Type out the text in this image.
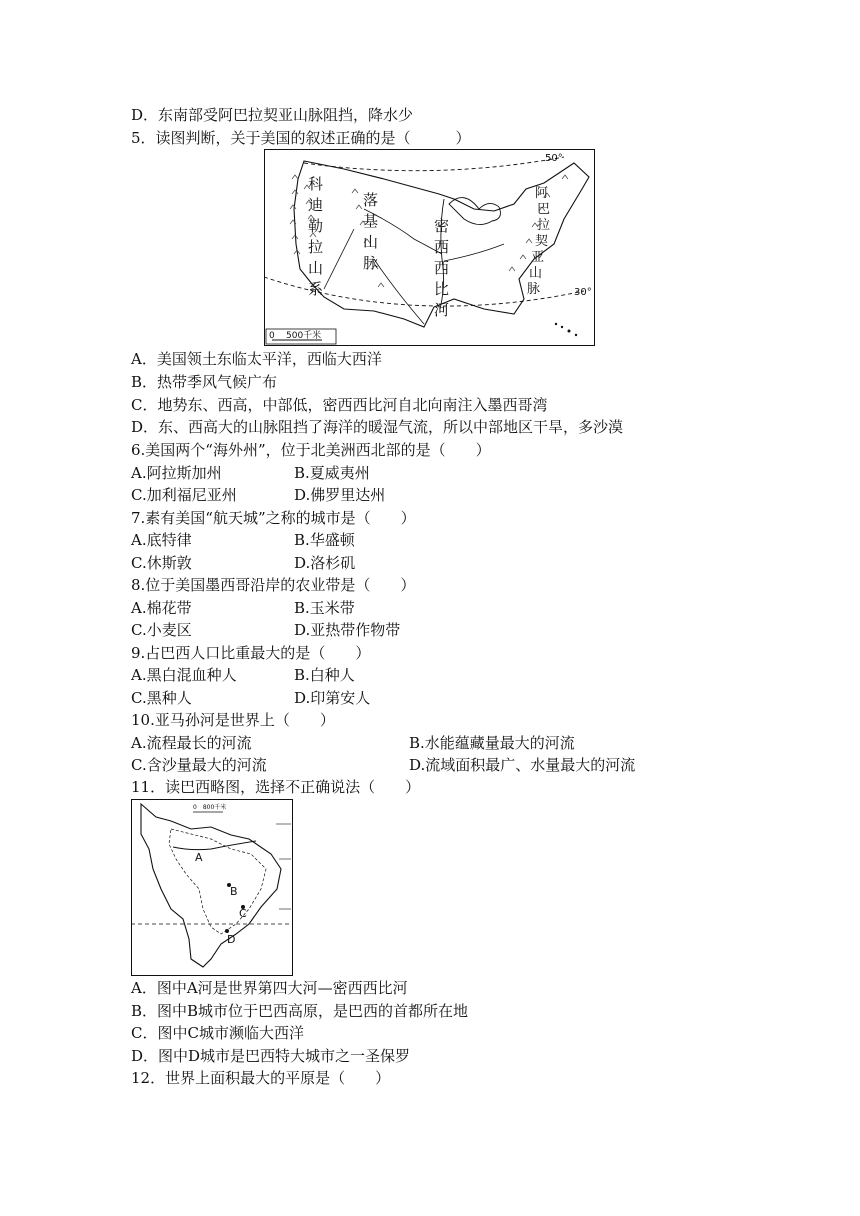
D．东南部受阿巴拉契亚山脉阻挡，降水少
5．读图判断，关于美国的叙述正确的是（　　　）
科
迪
勒
拉
山
系
落
基
山
脉
密
西
西
比
河
阿
巴
拉
契
亚
山
脉
50°
30°
0 500千米
A．美国领土东临太平洋，西临大西洋
B．热带季风气候广布
C．地势东、西高，中部低，密西西比河自北向南注入墨西哥湾
D．东、西高大的山脉阻挡了海洋的暖湿气流，所以中部地区干旱，多沙漠
6.美国两个“海外州”，位于北美洲西北部的是（　　）
A.阿拉斯加州	B.夏威夷州
C.加利福尼亚州	D.佛罗里达州
7.素有美国“航天城”之称的城市是（　　）
A.底特律	B.华盛顿
C.休斯敦	D.洛杉矶
8.位于美国墨西哥沿岸的农业带是（　　）
A.棉花带	B.玉米带
C.小麦区	D.亚热带作物带
9.占巴西人口比重最大的是（　　）
A.黑白混血种人	B.白种人
C.黑种人	D.印第安人
10.亚马孙河是世界上（　　）
A.流程最长的河流	B.水能蕴藏量最大的河流
C.含沙量最大的河流	D.流域面积最广、水量最大的河流
11．读巴西略图，选择不正确说法（　　）
0　800千米
A
B
C
D
A．图中A河是世界第四大河—密西西比河
B．图中B城市位于巴西高原，是巴西的首都所在地
C．图中C城市濒临大西洋
D．图中D城市是巴西特大城市之一圣保罗
12．世界上面积最大的平原是（　　）
